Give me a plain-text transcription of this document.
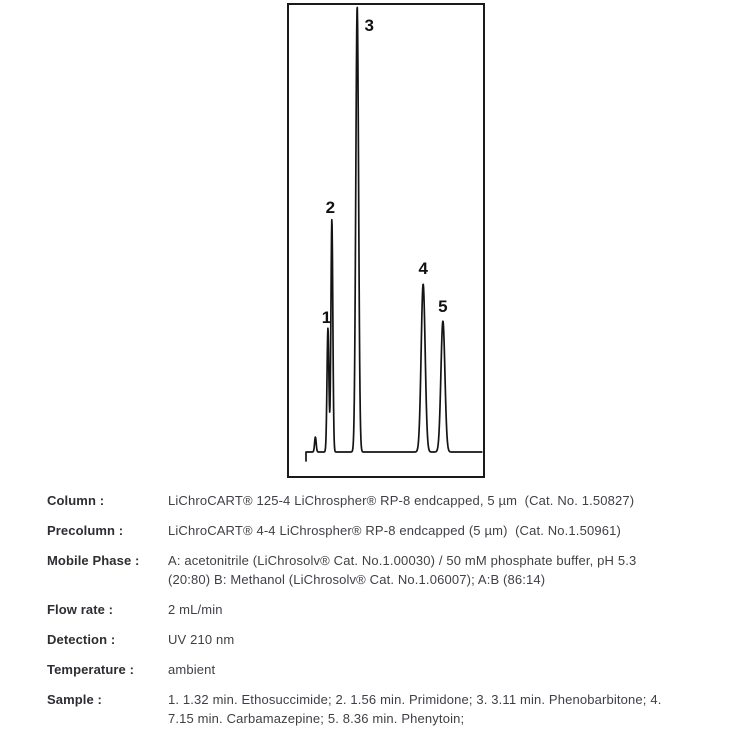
1
2
3
4
5
Column :	LiChroCART® 125-4 LiChrospher® RP-8 endcapped, 5 µm  (Cat. No. 1.50827)
Precolumn :	LiChroCART® 4-4 LiChrospher® RP-8 endcapped (5 µm)  (Cat. No.1.50961)
Mobile Phase :	A: acetonitrile (LiChrosolv® Cat. No.1.00030) / 50 mM phosphate buffer, pH 5.3
(20:80) B: Methanol (LiChrosolv® Cat. No.1.06007); A:B (86:14)
Flow rate :	2 mL/min
Detection :	UV 210 nm
Temperature :	ambient
Sample :	1. 1.32 min. Ethosuccimide; 2. 1.56 min. Primidone; 3. 3.11 min. Phenobarbitone; 4.
7.15 min. Carbamazepine; 5. 8.36 min. Phenytoin;
